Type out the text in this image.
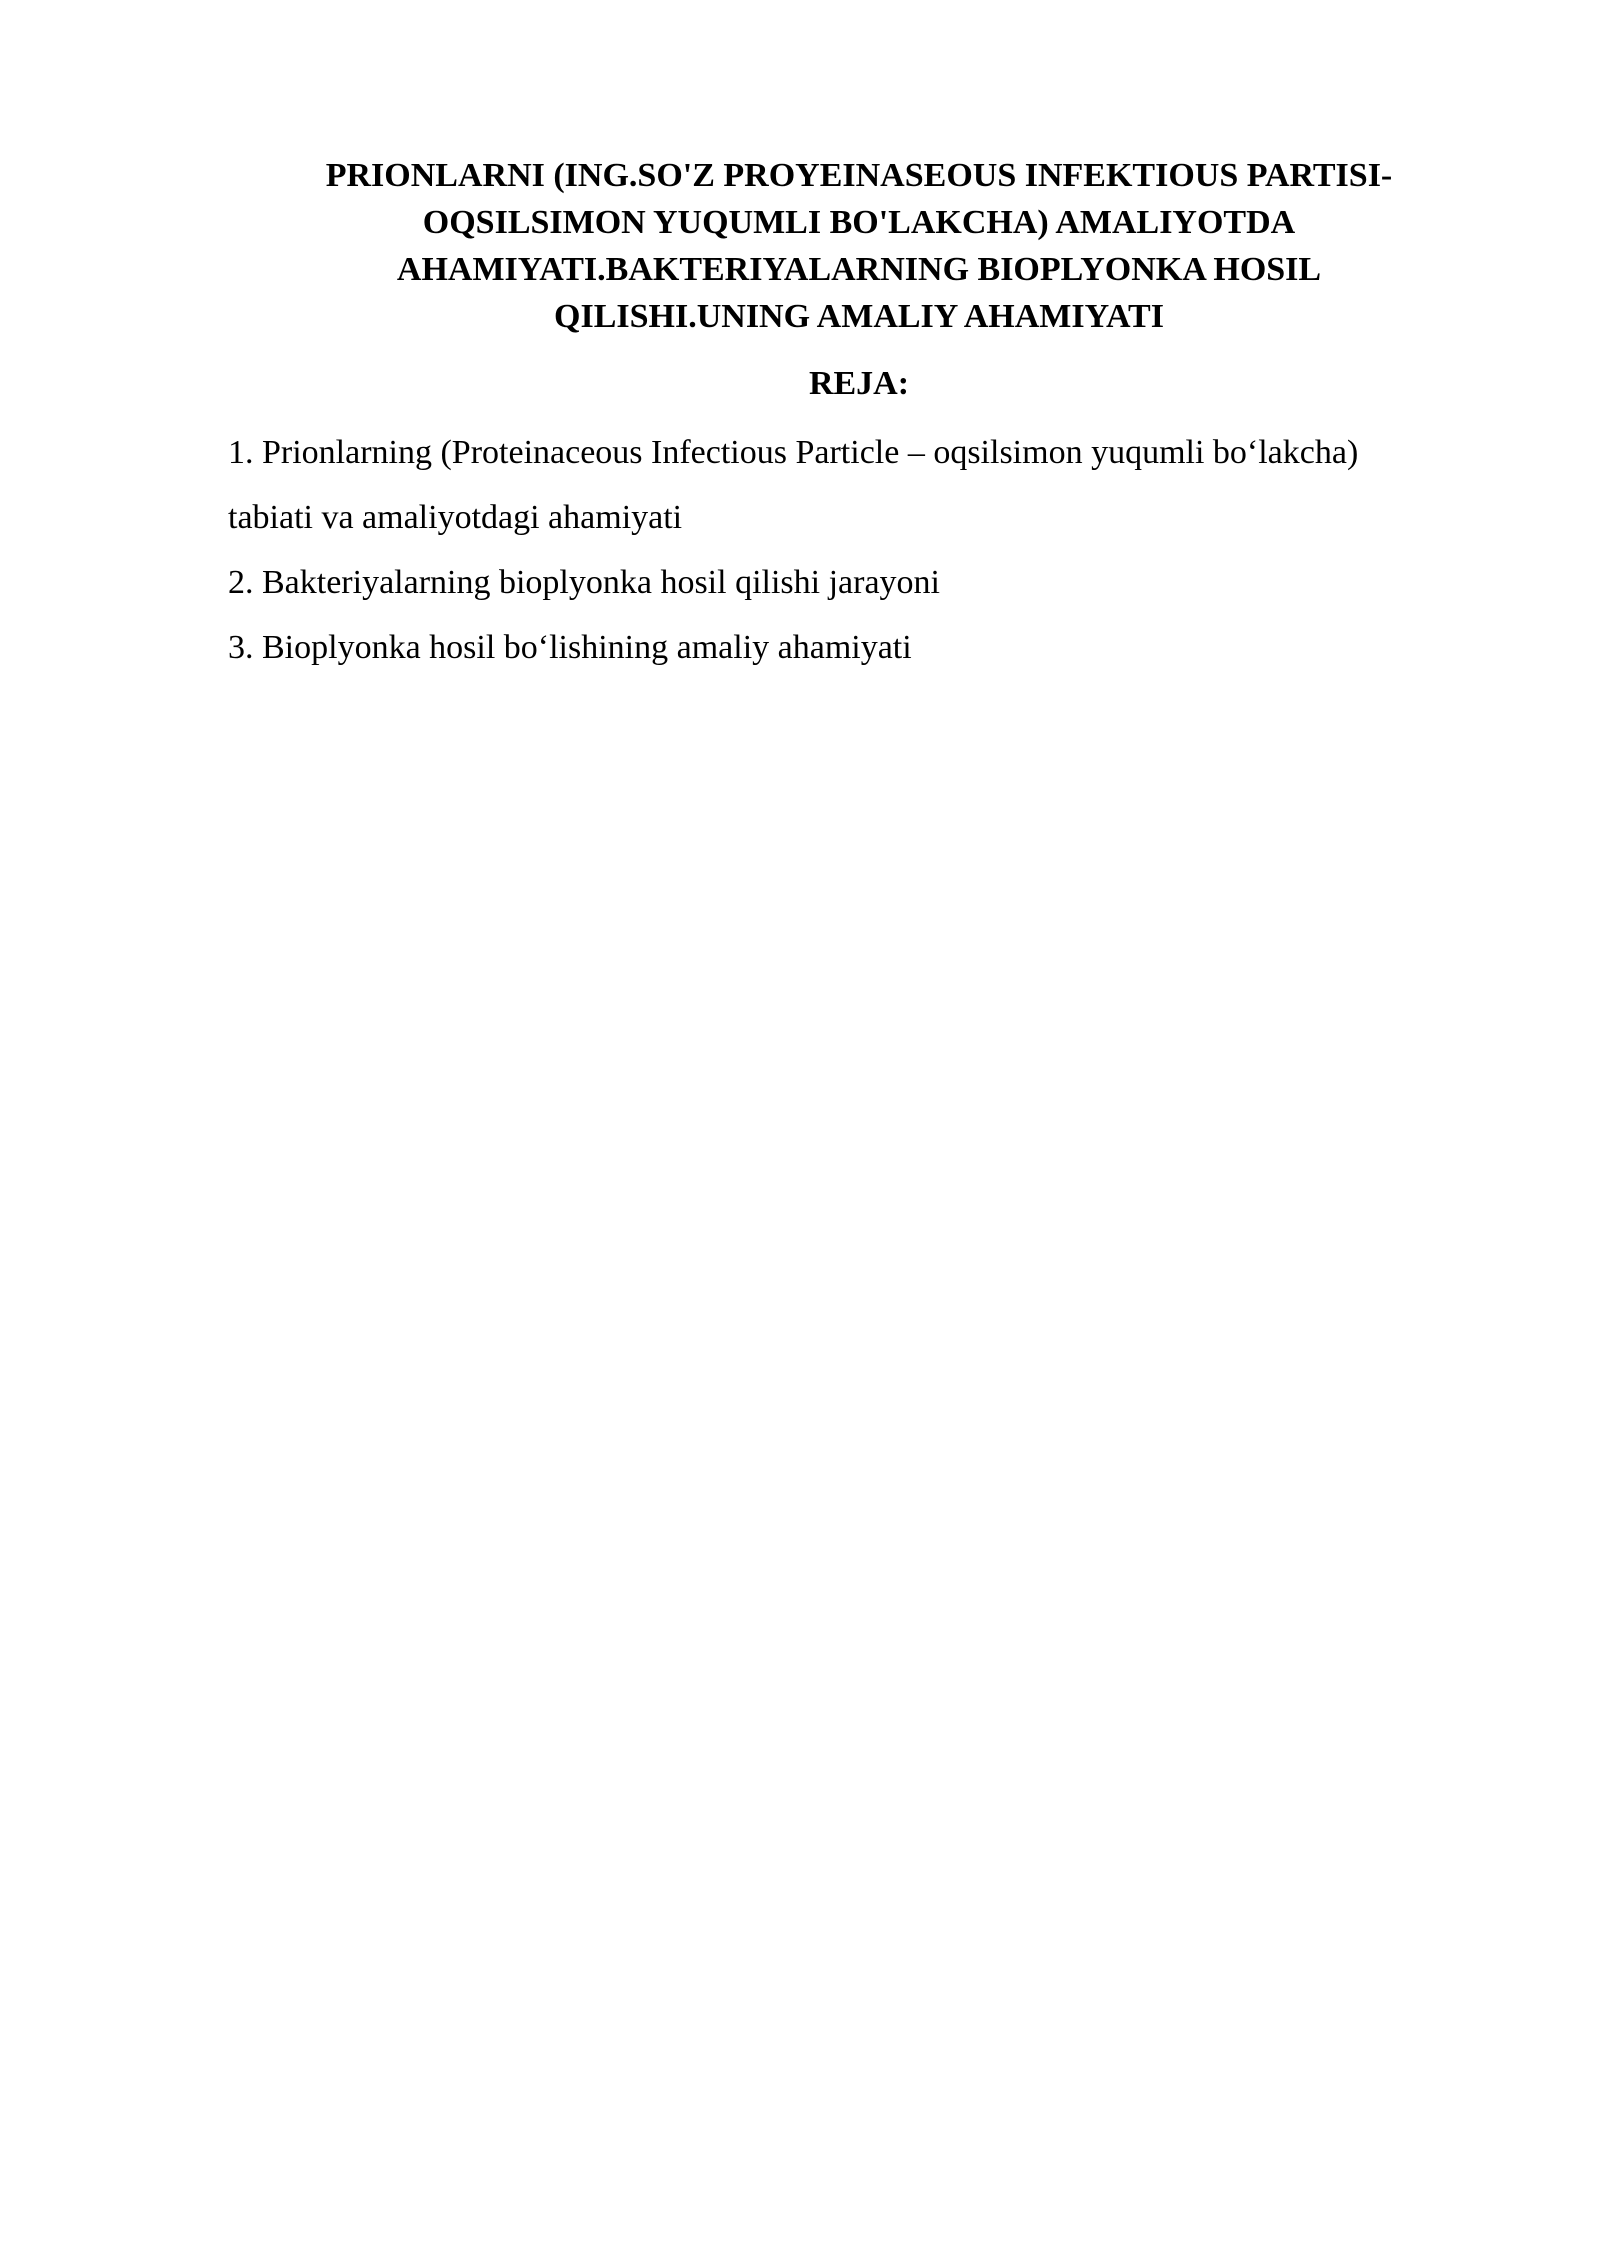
PRIONLARNI (ING.SO'Z PROYEINASEOUS INFEKTIOUS PARTISI-
OQSILSIMON YUQUMLI BO'LAKCHA) AMALIYOTDA
AHAMIYATI.BAKTERIYALARNING BIOPLYONKA HOSIL
QILISHI.UNING AMALIY AHAMIYATI
REJA:
1. Prionlarning (Proteinaceous Infectious Particle – oqsilsimon yuqumli bo‘lakcha)
tabiati va amaliyotdagi ahamiyati
2. Bakteriyalarning bioplyonka hosil qilishi jarayoni
3. Bioplyonka hosil bo‘lishining amaliy ahamiyati
